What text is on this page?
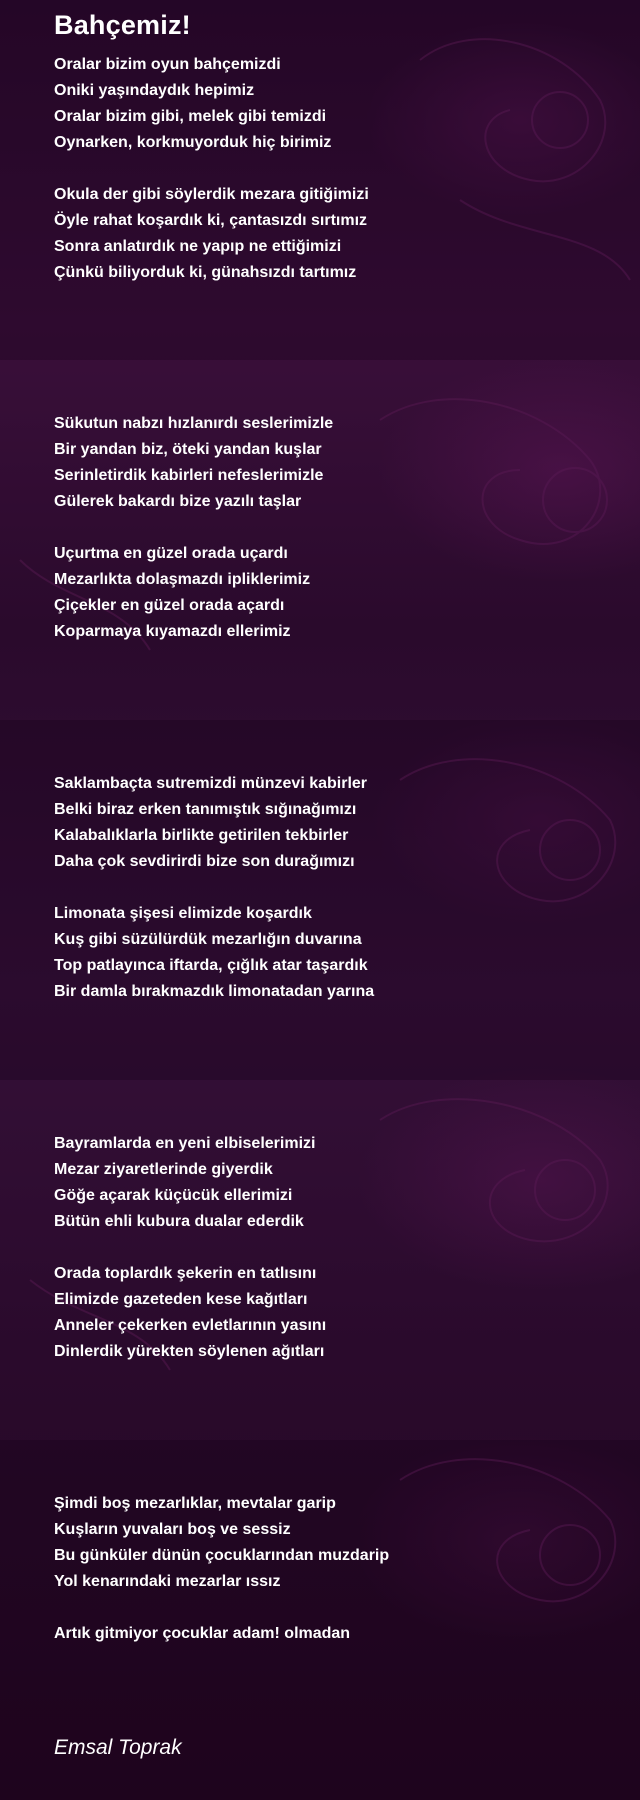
Bahçemiz!
Oralar bizim oyun bahçemizdi
Oniki yaşındaydık hepimiz
Oralar bizim gibi, melek gibi temizdi
Oynarken, korkmuyorduk hiç birimiz
Okula der gibi söylerdik mezara gitiğimizi
Öyle rahat koşardık ki, çantasızdı sırtımız
Sonra anlatırdık ne yapıp ne ettiğimizi
Çünkü biliyorduk ki, günahsızdı tartımız
Sükutun nabzı hızlanırdı seslerimizle
Bir yandan biz, öteki yandan kuşlar
Serinletirdik kabirleri nefeslerimizle
Gülerek bakardı bize yazılı taşlar
Uçurtma en güzel orada uçardı
Mezarlıkta dolaşmazdı ipliklerimiz
Çiçekler en güzel orada açardı
Koparmaya kıyamazdı ellerimiz
Saklambaçta sutremizdi münzevi kabirler
Belki biraz erken tanımıştık sığınağımızı
Kalabalıklarla birlikte getirilen tekbirler
Daha çok sevdirirdi bize son durağımızı
Limonata şişesi elimizde koşardık
Kuş gibi süzülürdük mezarlığın duvarına
Top patlayınca iftarda, çığlık atar taşardık
Bir damla bırakmazdık limonatadan yarına
Bayramlarda en yeni elbiselerimizi
Mezar ziyaretlerinde giyerdik
Göğe açarak küçücük ellerimizi
Bütün ehli kubura dualar ederdik
Orada toplardık şekerin en tatlısını
Elimizde gazeteden kese kağıtları
Anneler çekerken evletlarının yasını
Dinlerdik yürekten söylenen ağıtları
Şimdi boş mezarlıklar, mevtalar garip
Kuşların yuvaları boş ve sessiz
Bu günküler dünün çocuklarından muzdarip
Yol kenarındaki mezarlar ıssız
Artık gitmiyor çocuklar adam! olmadan

Emsal Toprak
